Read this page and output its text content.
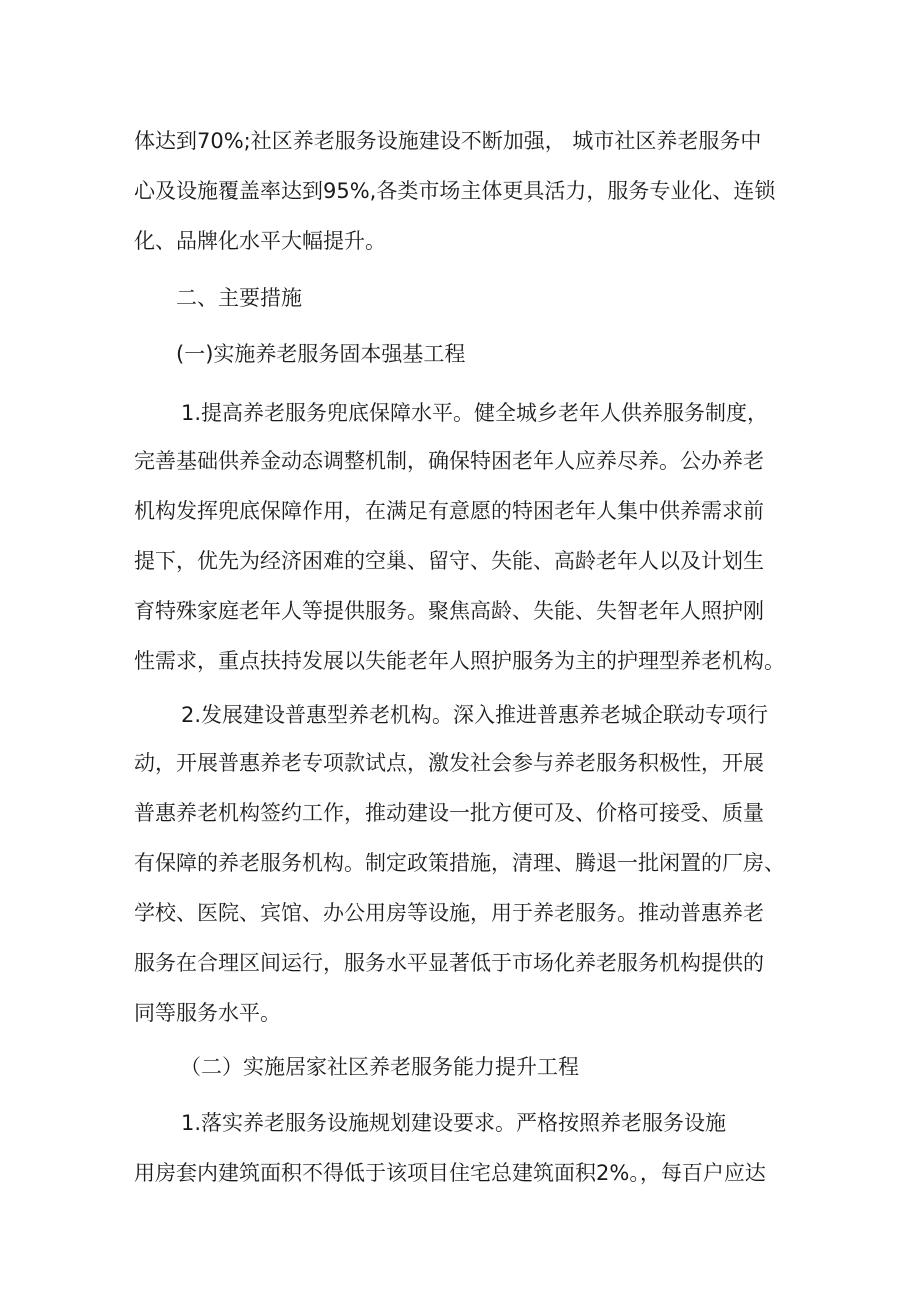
体达到70%;社区养老服务设施建设不断加强， 城市社区养老服务中

心及设施覆盖率达到95%,各类市场主体更具活力，服务专业化、连锁

化、品牌化水平大幅提升。

二、主要措施

(一)实施养老服务固本强基工程

1.提高养老服务兜底保障水平。健全城乡老年人供养服务制度，

完善基础供养金动态调整机制，确保特困老年人应养尽养。公办养老

机构发挥兜底保障作用，在满足有意愿的特困老年人集中供养需求前

提下，优先为经济困难的空巢、留守、失能、高龄老年人以及计划生

育特殊家庭老年人等提供服务。聚焦高龄、失能、失智老年人照护刚

性需求，重点扶持发展以失能老年人照护服务为主的护理型养老机构。

2.发展建设普惠型养老机构。深入推进普惠养老城企联动专项行

动，开展普惠养老专项款试点，激发社会参与养老服务积极性，开展

普惠养老机构签约工作，推动建设一批方便可及、价格可接受、质量

有保障的养老服务机构。制定政策措施，清理、腾退一批闲置的厂房、

学校、医院、宾馆、办公用房等设施，用于养老服务。推动普惠养老

服务在合理区间运行，服务水平显著低于市场化养老服务机构提供的

同等服务水平。

（二）实施居家社区养老服务能力提升工程

1.落实养老服务设施规划建设要求。严格按照养老服务设施

用房套内建筑面积不得低于该项目住宅总建筑面积2%。，每百户应达
